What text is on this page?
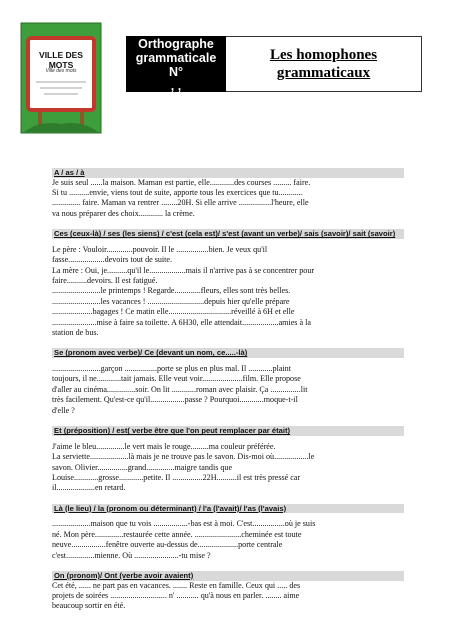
VILLE DES MOTS
Ville des mots
Orthographe
grammaticale
N°
, ,
Les homophones
grammaticaux
A / as / à
Je suis seul ......la maison. Maman est partie, elle............des courses ......... faire.
Si tu ..........envie, viens tout de suite, apporte tous les exercices que tu............
.............. faire. Maman va rentrer ........20H. Si elle arrive ................l'heure, elle
va nous préparer des choix............ la crème.
Ces (ceux-là) / ses (les siens) / c'est (cela est)/ s'est (avant un verbe)/ sais (savoir)/ sait (savoir)
Le père : Vouloir.............pouvoir. Il le ................bien. Je veux qu'il
fasse..................devoirs tout de suite.
La mère : Oui, je..........qu'il le..................mais il n'arrive pas à se concentrer pour
faire..........devoirs. Il est fatigué.
........................le printemps ! Regarde.............fleurs, elles sont très belles.
........................les vacances ! ............................depuis hier qu'elle prépare
....................bagages ! Ce matin elle...............................réveillé à 6H et elle
......................mise à faire sa toilette. A 6H30, elle attendait..................amies à la
station de bus.
Se (pronom avec verbe)/ Ce (devant un nom, ce.....-là)
........................garçon ................porte se plus en plus mal. Il ............plaint
toujours, il ne............tait jamais. Elle veut voir....................film. Elle propose
d'aller au cinéma..............soir. On lit ............roman avec plaisir. Ça ...............lit
très facilement. Qu'est-ce qu'il.................passe ? Pourquoi............moque-t-il
d'elle ?
Et (préposition) / est( verbe être que l'on peut remplacer par était)
J'aime le bleu..............le vert mais le rouge.........ma couleur préférée.
La serviette...................là mais je ne trouve pas le savon. Dis-moi où.................le
savon. Olivier...............grand..............maigre tandis que
Louise............grosse............petite. Il ...............22H..........il est très pressé car
il...................en retard.
Là (le lieu) / la (pronom ou déterminant) / l'a (l'avait)/ l'as (l'avais)
...................maison que tu vois .................-bas est à moi. C'est................où je suis
né. Mon père..............restaurée cette année. .......................cheminée est toute
neuve.................fenêtre ouverte au-dessus de....................porte centrale
c'est..............mienne. Où ......................-tu mise ?
On (pronom)/ Ont (verbe avoir avaient)
Cet été, ...... ne part pas en vacances. ....... Reste en famille. Ceux qui ..... des
projets de soirées ............................ n' ........... qu'à nous en parler. ........ aime
beaucoup sortir en été.
